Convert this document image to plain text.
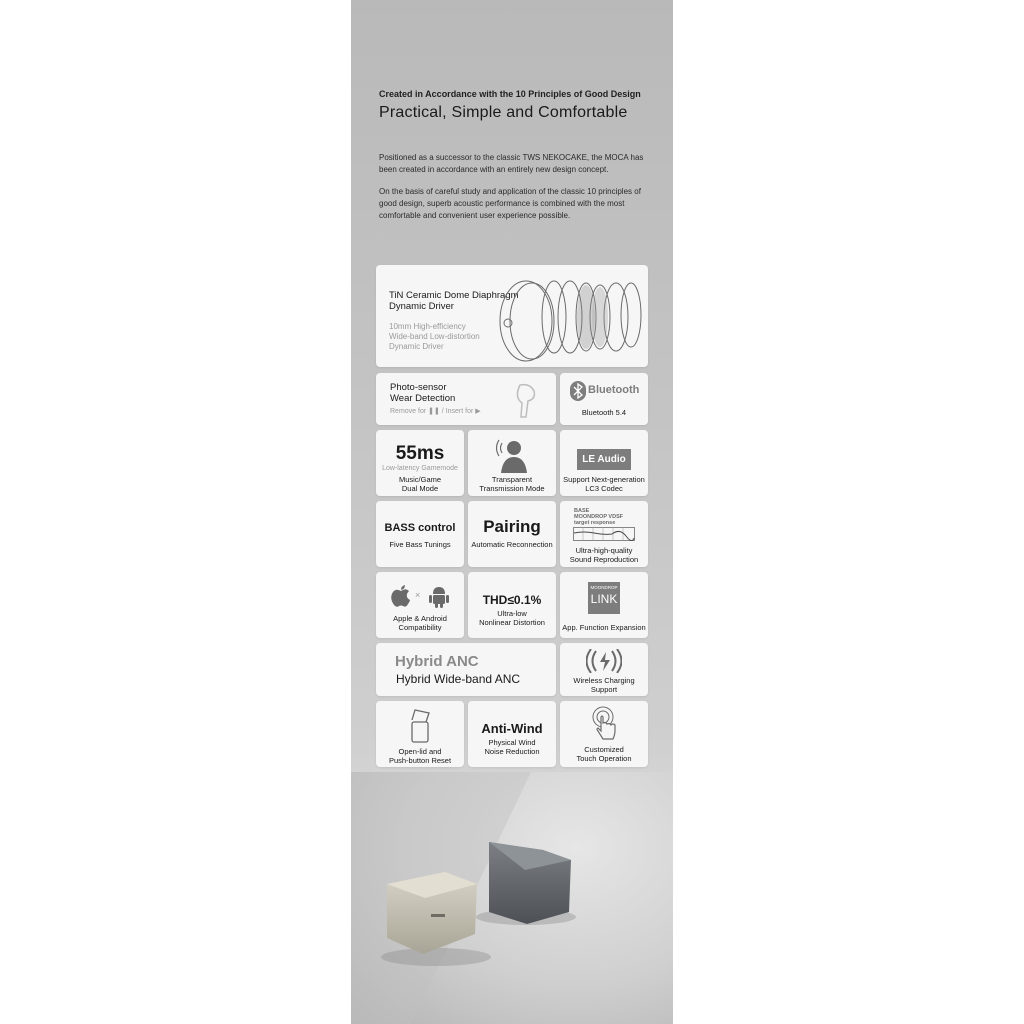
Created in Accordance with the 10 Principles of Good Design
Practical, Simple and Comfortable
Positioned as a successor to the classic TWS NEKOCAKE, the MOCA has been created in accordance with an entirely new design concept.
On the basis of careful study and application of the classic 10 principles of good design, superb acoustic performance is combined with the most comfortable and convenient user experience possible.
TiN Ceramic Dome Diaphragm
Dynamic Driver
10mm High-efficiency
Wide-band Low-distortion
Dynamic Driver
Photo-sensor
Wear Detection
Remove for ❚❚ / Insert for ▶
Bluetooth
Bluetooth 5.4
55ms
Low-latency Gamemode
Music/Game
Dual Mode
Transparent
Transmission Mode
LE Audio
Support Next-generation
LC3 Codec
BASS control
Five Bass Tunings
Pairing
Automatic Reconnection
BASE
MOONDROP VDSF
target response
Ultra-high-quality
Sound Reproduction
×
Apple & Android
Compatibility
THD≤0.1%
Ultra-low
Nonlinear Distortion
MOONDROP
LINK
App. Function Expansion
Hybrid ANC
Hybrid Wide-band ANC	Wireless Charging
Support
Open-lid and
Push-button Reset
Anti-Wind
Physical Wind
Noise Reduction	Customized
Touch Operation
